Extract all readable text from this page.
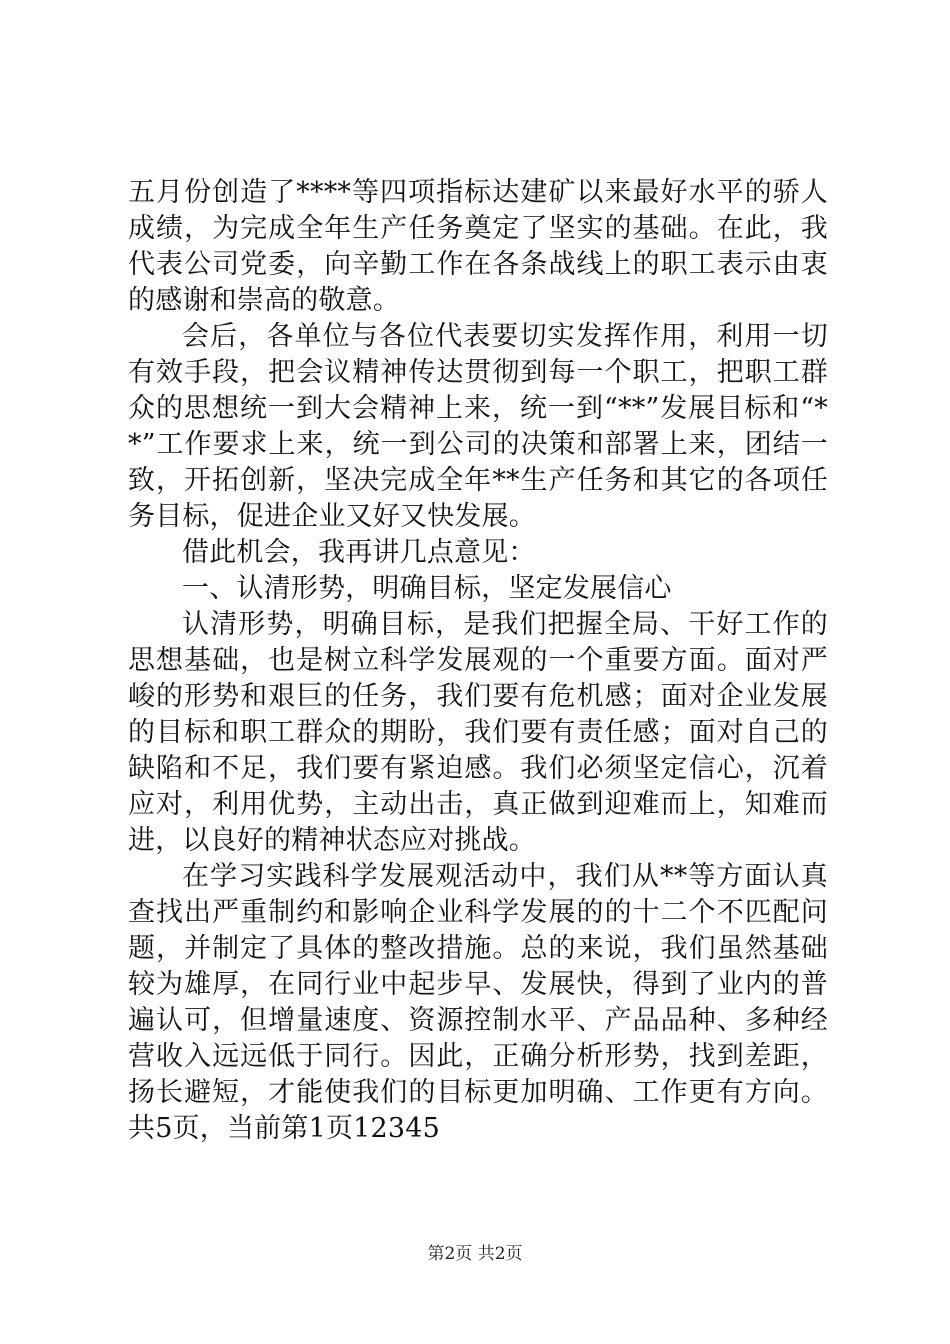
五月份创造了****等四项指标达建矿以来最好水平的骄人成绩，为完成全年生产任务奠定了坚实的基础。在此，我代表公司党委，向辛勤工作在各条战线上的职工表示由衷的感谢和崇高的敬意。

会后，各单位与各位代表要切实发挥作用，利用一切有效手段，把会议精神传达贯彻到每一个职工，把职工群众的思想统一到大会精神上来，统一到“**”发展目标和“**”工作要求上来，统一到公司的决策和部署上来，团结一致，开拓创新，坚决完成全年**生产任务和其它的各项任务目标，促进企业又好又快发展。

借此机会，我再讲几点意见：

一、认清形势，明确目标，坚定发展信心

认清形势，明确目标，是我们把握全局、干好工作的思想基础，也是树立科学发展观的一个重要方面。面对严峻的形势和艰巨的任务，我们要有危机感；面对企业发展的目标和职工群众的期盼，我们要有责任感；面对自己的缺陷和不足，我们要有紧迫感。我们必须坚定信心，沉着应对，利用优势，主动出击，真正做到迎难而上，知难而进，以良好的精神状态应对挑战。

在学习实践科学发展观活动中，我们从**等方面认真查找出严重制约和影响企业科学发展的的十二个不匹配问题，并制定了具体的整改措施。总的来说，我们虽然基础较为雄厚，在同行业中起步早、发展快，得到了业内的普遍认可，但增量速度、资源控制水平、产品品种、多种经营收入远远低于同行。因此，正确分析形势，找到差距，扬长避短，才能使我们的目标更加明确、工作更有方向。共5页，当前第1页12345

第2页 共2页
